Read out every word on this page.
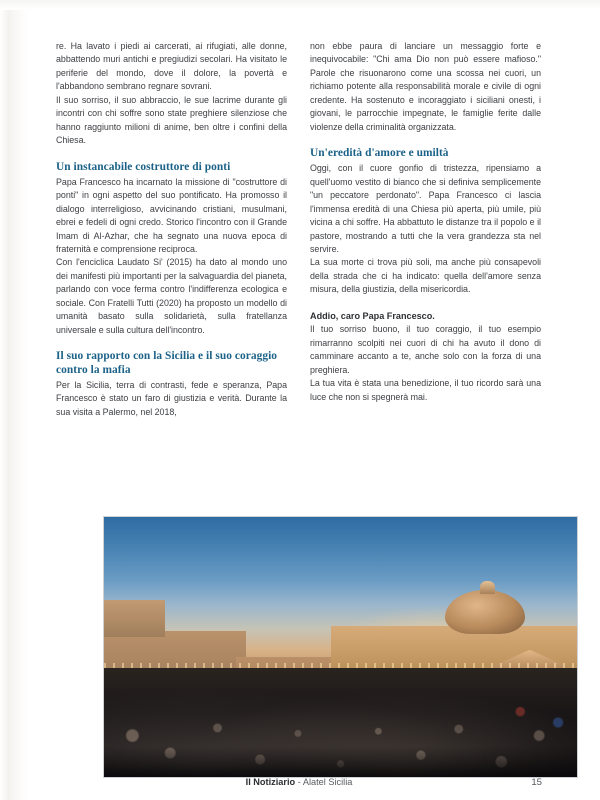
re. Ha lavato i piedi ai carcerati, ai rifugiati, alle donne, abbattendo muri antichi e pregiudizi secolari. Ha visitato le periferie del mondo, dove il dolore, la povertà e l'abbandono sembrano regnare sovrani.

Il suo sorriso, il suo abbraccio, le sue lacrime durante gli incontri con chi soffre sono state preghiere silenziose che hanno raggiunto milioni di anime, ben oltre i confini della Chiesa.

Un instancabile costruttore di ponti

Papa Francesco ha incarnato la missione di "costruttore di ponti" in ogni aspetto del suo pontificato. Ha promosso il dialogo interreligioso, avvicinando cristiani, musulmani, ebrei e fedeli di ogni credo. Storico l'incontro con il Grande Imam di Al-Azhar, che ha segnato una nuova epoca di fraternità e comprensione reciproca.

Con l'enciclica Laudato Si' (2015) ha dato al mondo uno dei manifesti più importanti per la salvaguardia del pianeta, parlando con voce ferma contro l'indifferenza ecologica e sociale. Con Fratelli Tutti (2020) ha proposto un modello di umanità basato sulla solidarietà, sulla fratellanza universale e sulla cultura dell'incontro.

Il suo rapporto con la Sicilia e il suo coraggio contro la mafia

Per la Sicilia, terra di contrasti, fede e speranza, Papa Francesco è stato un faro di giustizia e verità. Durante la sua visita a Palermo, nel 2018,

non ebbe paura di lanciare un messaggio forte e inequivocabile: "Chi ama Dio non può essere mafioso." Parole che risuonarono come una scossa nei cuori, un richiamo potente alla responsabilità morale e civile di ogni credente. Ha sostenuto e incoraggiato i siciliani onesti, i giovani, le parrocchie impegnate, le famiglie ferite dalle violenze della criminalità organizzata.

Un'eredità d'amore e umiltà

Oggi, con il cuore gonfio di tristezza, ripensiamo a quell'uomo vestito di bianco che si definiva semplicemente "un peccatore perdonato". Papa Francesco ci lascia l'immensa eredità di una Chiesa più aperta, più umile, più vicina a chi soffre. Ha abbattuto le distanze tra il popolo e il pastore, mostrando a tutti che la vera grandezza sta nel servire.

La sua morte ci trova più soli, ma anche più consapevoli della strada che ci ha indicato: quella dell'amore senza misura, della giustizia, della misericordia.

Addio, caro Papa Francesco.

Il tuo sorriso buono, il tuo coraggio, il tuo esempio rimarranno scolpiti nei cuori di chi ha avuto il dono di camminare accanto a te, anche solo con la forza di una preghiera.

La tua vita è stata una benedizione, il tuo ricordo sarà una luce che non si spegnerà mai.

Il Notiziario - Alatel Sicilia	15
